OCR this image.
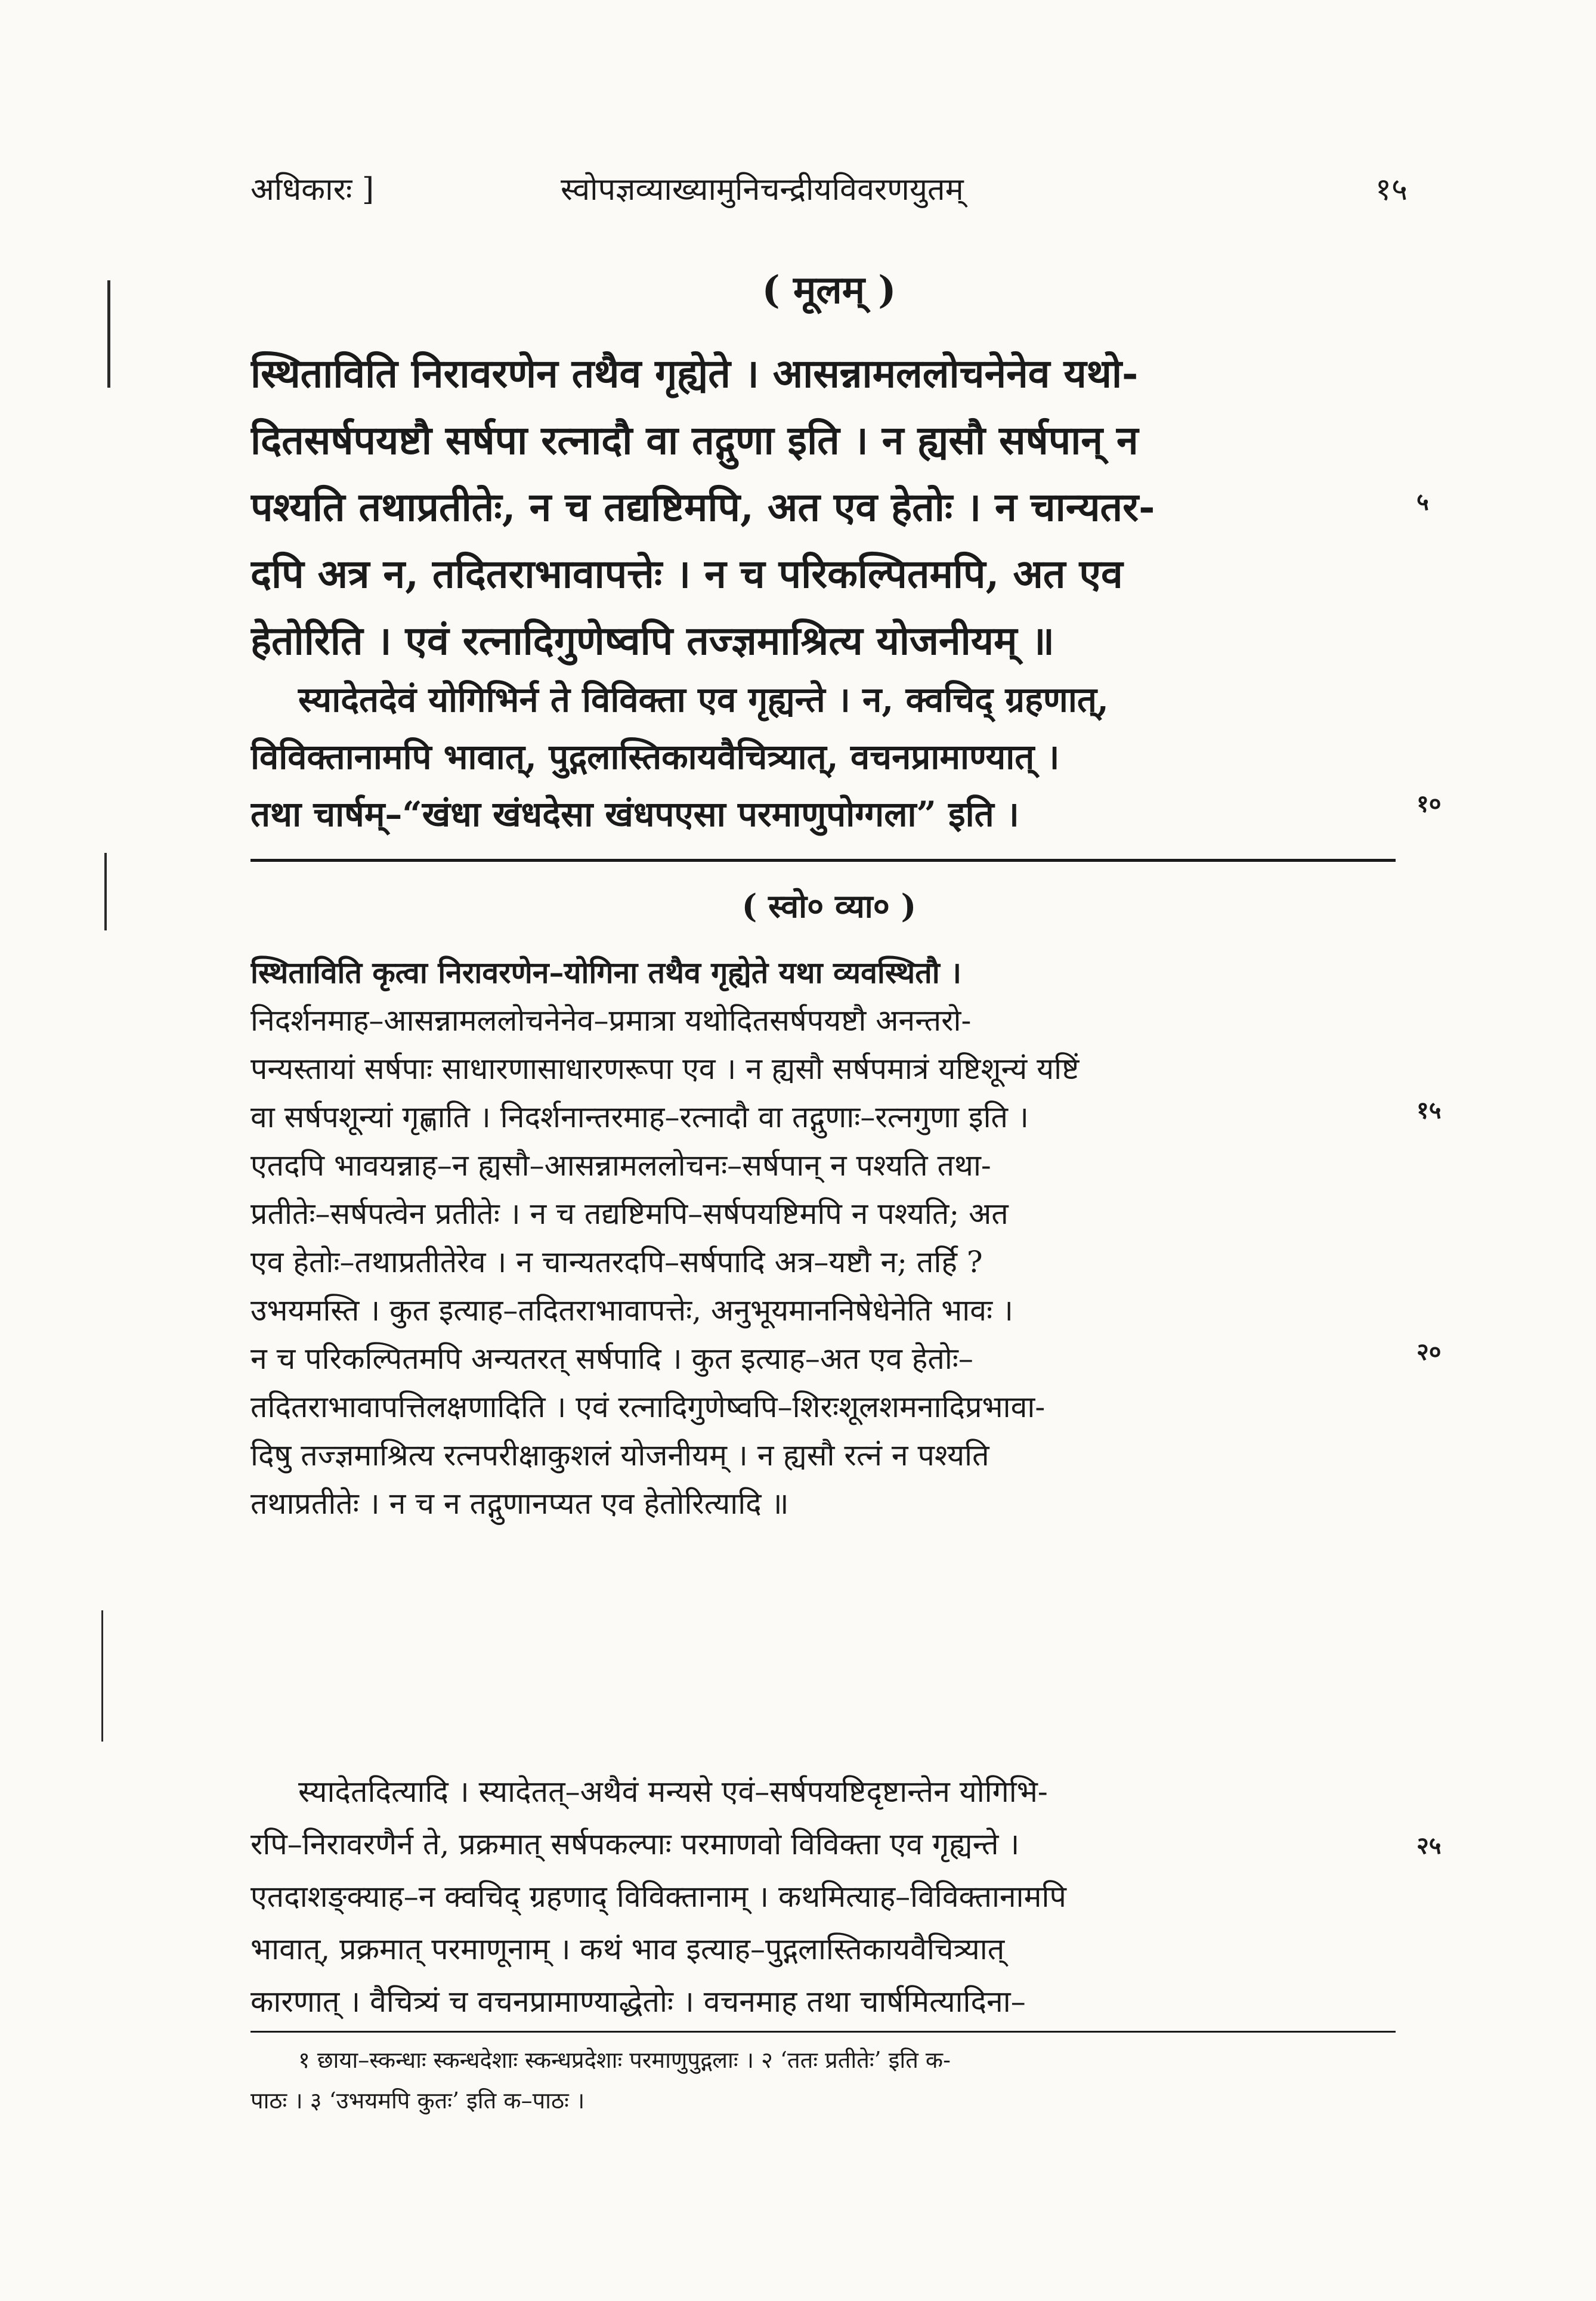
अधिकारः ]	स्वोपज्ञव्याख्यामुनिचन्द्रीयविवरणयुतम्	१५
( मूलम् )
स्थिताविति निरावरणेन तथैव गृह्येते । आसन्नामललोचनेनेव यथो-
दितसर्षपयष्टौ सर्षपा रत्नादौ वा तद्गुणा इति । न ह्यसौ सर्षपान् न
पश्यति तथाप्रतीतेः, न च तद्यष्टिमपि, अत एव हेतोः । न चान्यतर-
दपि अत्र न, तदितराभावापत्तेः । न च परिकल्पितमपि, अत एव
हेतोरिति । एवं रत्नादिगुणेष्वपि तज्ज्ञमाश्रित्य योजनीयम् ॥
५
स्यादेतदेवं योगिभिर्न ते विविक्ता एव गृह्यन्ते । न, क्वचिद् ग्रहणात्,
विविक्तानामपि भावात्, पुद्गलास्तिकायवैचित्र्यात्, वचनप्रामाण्यात् ।
तथा चार्षम्–“खंधा खंधदेसा खंधपएसा परमाणुपोग्गला” इति ।	१०
( स्वो० व्या० )
स्थिताविति कृत्वा निरावरणेन–योगिना तथैव गृह्येते यथा व्यवस्थितौ ।
निदर्शनमाह–आसन्नामललोचनेनेव–प्रमात्रा यथोदितसर्षपयष्टौ अनन्तरो-
पन्यस्तायां सर्षपाः साधारणासाधारणरूपा एव । न ह्यसौ सर्षपमात्रं यष्टिशून्यं यष्टिं
वा सर्षपशून्यां गृह्णाति । निदर्शनान्तरमाह–रत्नादौ वा तद्गुणाः–रत्नगुणा इति ।
एतदपि भावयन्नाह–न ह्यसौ–आसन्नामललोचनः–सर्षपान् न पश्यति तथा-
प्रतीतेः–सर्षपत्वेन प्रतीतेः । न च तद्यष्टिमपि–सर्षपयष्टिमपि न पश्यति; अत
एव हेतोः–तथाप्रतीतेरेव । न चान्यतरदपि–सर्षपादि अत्र–यष्टौ न; तर्हि ?
उभयमस्ति । कुत इत्याह–तदितराभावापत्तेः, अनुभूयमाननिषेधेनेति भावः ।
न च परिकल्पितमपि अन्यतरत् सर्षपादि । कुत इत्याह–अत एव हेतोः–
तदितराभावापत्तिलक्षणादिति । एवं रत्नादिगुणेष्वपि–शिरःशूलशमनादिप्रभावा-
दिषु तज्ज्ञमाश्रित्य रत्नपरीक्षाकुशलं योजनीयम् । न ह्यसौ रत्नं न पश्यति
तथाप्रतीतेः । न च न तद्गुणानप्यत एव हेतोरित्यादि ॥
१५
२०
स्यादेतदित्यादि । स्यादेतत्–अथैवं मन्यसे एवं–सर्षपयष्टिदृष्टान्तेन योगिभि-
रपि–निरावरणैर्न ते, प्रक्रमात् सर्षपकल्पाः परमाणवो विविक्ता एव गृह्यन्ते ।
एतदाशङ्क्याह–न क्वचिद् ग्रहणाद् विविक्तानाम् । कथमित्याह–विविक्तानामपि
भावात्, प्रक्रमात् परमाणूनाम् । कथं भाव इत्याह–पुद्गलास्तिकायवैचित्र्यात्
कारणात् । वैचित्र्यं च वचनप्रामाण्याद्धेतोः । वचनमाह तथा चार्षमित्यादिना–
२५
१ छाया–स्कन्धाः स्कन्धदेशाः स्कन्धप्रदेशाः परमाणुपुद्गलाः । २ ‘ततः प्रतीतेः’ इति क-
पाठः । ३ ‘उभयमपि कुतः’ इति क–पाठः ।
